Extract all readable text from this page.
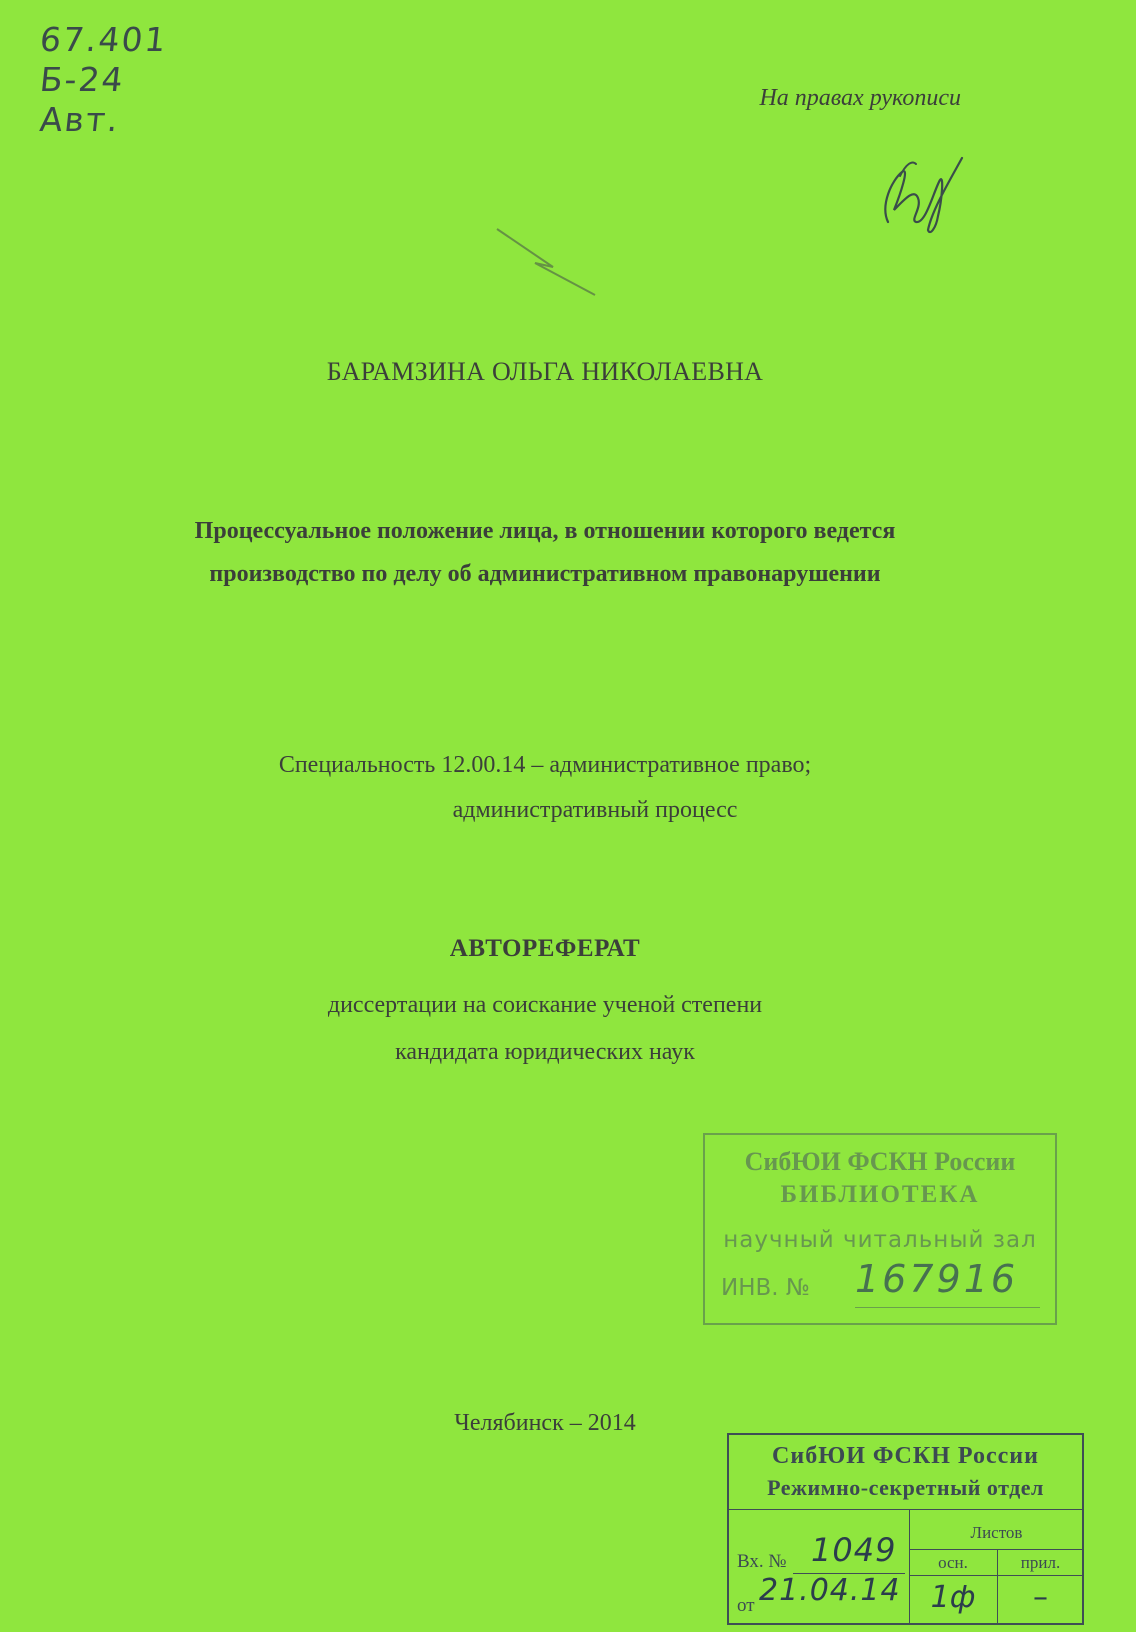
67.401
Б-24
Авт.
На правах рукописи
БАРАМЗИНА ОЛЬГА НИКОЛАЕВНА
Процессуальное положение лица, в отношении которого ведется
производство по делу об административном правонарушении
Специальность 12.00.14 – административное право;
административный процесс
АВТОРЕФЕРАТ
диссертации на соискание ученой степени
кандидата юридических наук
Челябинск – 2014
СибЮИ ФСКН России
БИБЛИОТЕКА
научный читальный зал
ИНВ. № 167916
СибЮИ ФСКН России
Режимно-секретный отдел
Листов
осн.	прил.
Вх. № 1049
от 21.04.14	1ф	–
